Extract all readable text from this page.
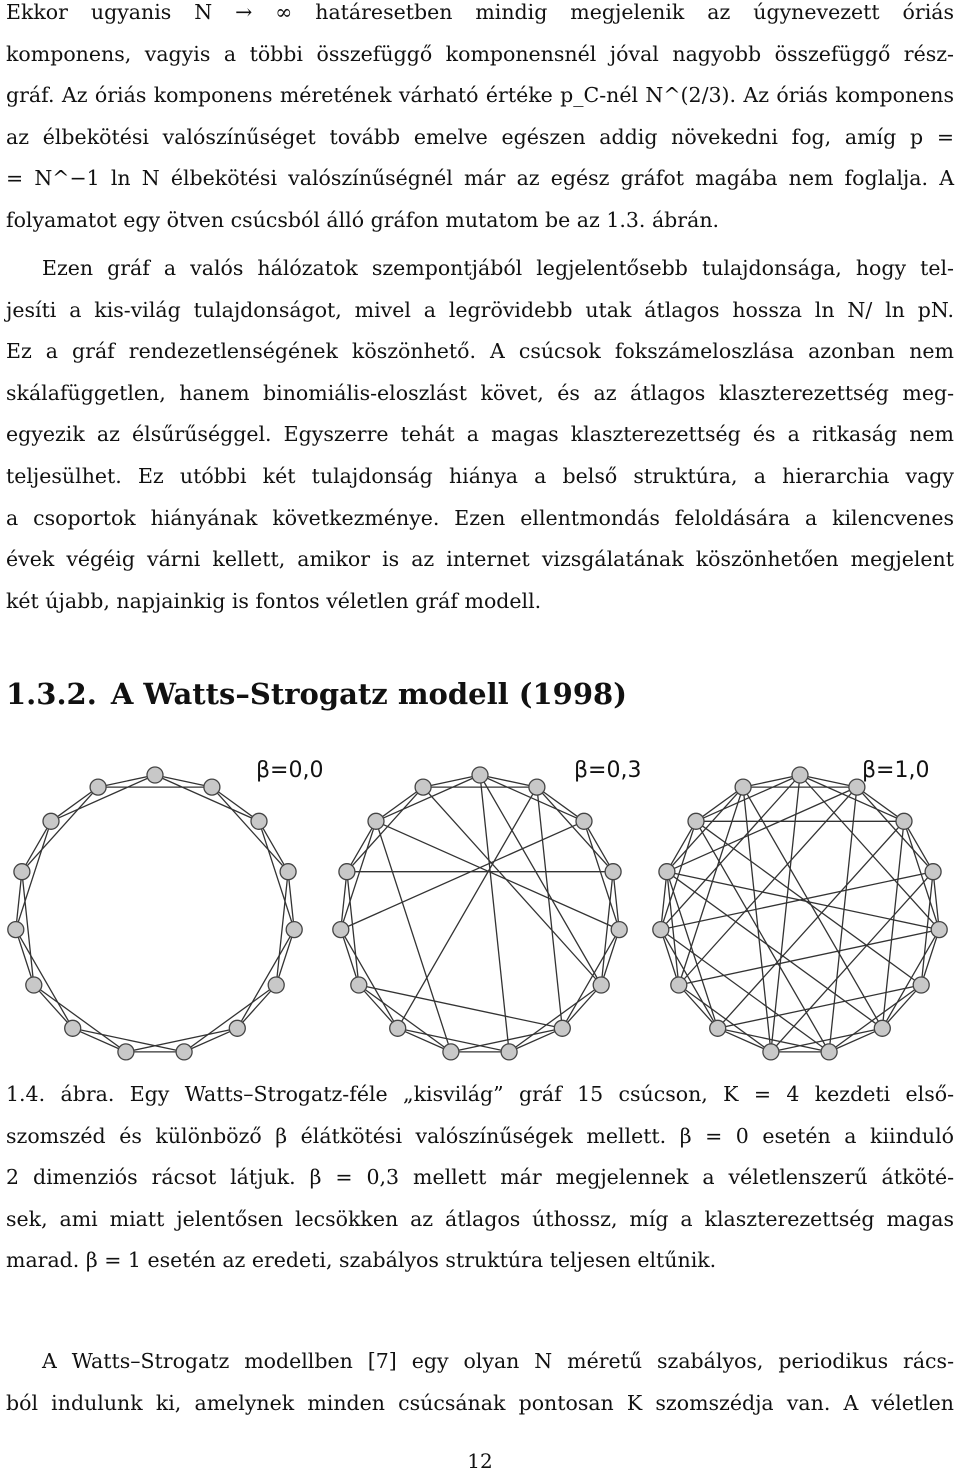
Ekkor ugyanis N → ∞ határesetben mindig megjelenik az úgynevezett óriás
komponens, vagyis a többi összefüggő komponensnél jóval nagyobb összefüggő rész-
gráf. Az óriás komponens méretének várható értéke p_C-nél N^(2/3). Az óriás komponens
az élbekötési valószínűséget tovább emelve egészen addig növekedni fog, amíg p =
= N^−1 ln N élbekötési valószínűségnél már az egész gráfot magába nem foglalja. A
folyamatot egy ötven csúcsból álló gráfon mutatom be az 1.3. ábrán.
Ezen gráf a valós hálózatok szempontjából legjelentősebb tulajdonsága, hogy tel-
jesíti a kis-világ tulajdonságot, mivel a legrövidebb utak átlagos hossza ln N/ ln pN.
Ez a gráf rendezetlenségének köszönhető. A csúcsok fokszámeloszlása azonban nem
skálafüggetlen, hanem binomiális-eloszlást követ, és az átlagos klaszterezettség meg-
egyezik az élsűrűséggel. Egyszerre tehát a magas klaszterezettség és a ritkaság nem
teljesülhet. Ez utóbbi két tulajdonság hiánya a belső struktúra, a hierarchia vagy
a csoportok hiányának következménye. Ezen ellentmondás feloldására a kilencvenes
évek végéig várni kellett, amikor is az internet vizsgálatának köszönhetően megjelent
két újabb, napjainkig is fontos véletlen gráf modell.
1.3.2. A Watts–Strogatz modell (1998)
β=0,0	β=0,3	β=1,0
1.4. ábra. Egy Watts–Strogatz-féle „kisvilág” gráf 15 csúcson, K = 4 kezdeti első-
szomszéd és különböző β élátkötési valószínűségek mellett. β = 0 esetén a kiinduló
2 dimenziós rácsot látjuk. β = 0,3 mellett már megjelennek a véletlenszerű átköté-
sek, ami miatt jelentősen lecsökken az átlagos úthossz, míg a klaszterezettség magas
marad. β = 1 esetén az eredeti, szabályos struktúra teljesen eltűnik.
A Watts–Strogatz modellben [7] egy olyan N méretű szabályos, periodikus rács-
ból indulunk ki, amelynek minden csúcsának pontosan K szomszédja van. A véletlen
12
